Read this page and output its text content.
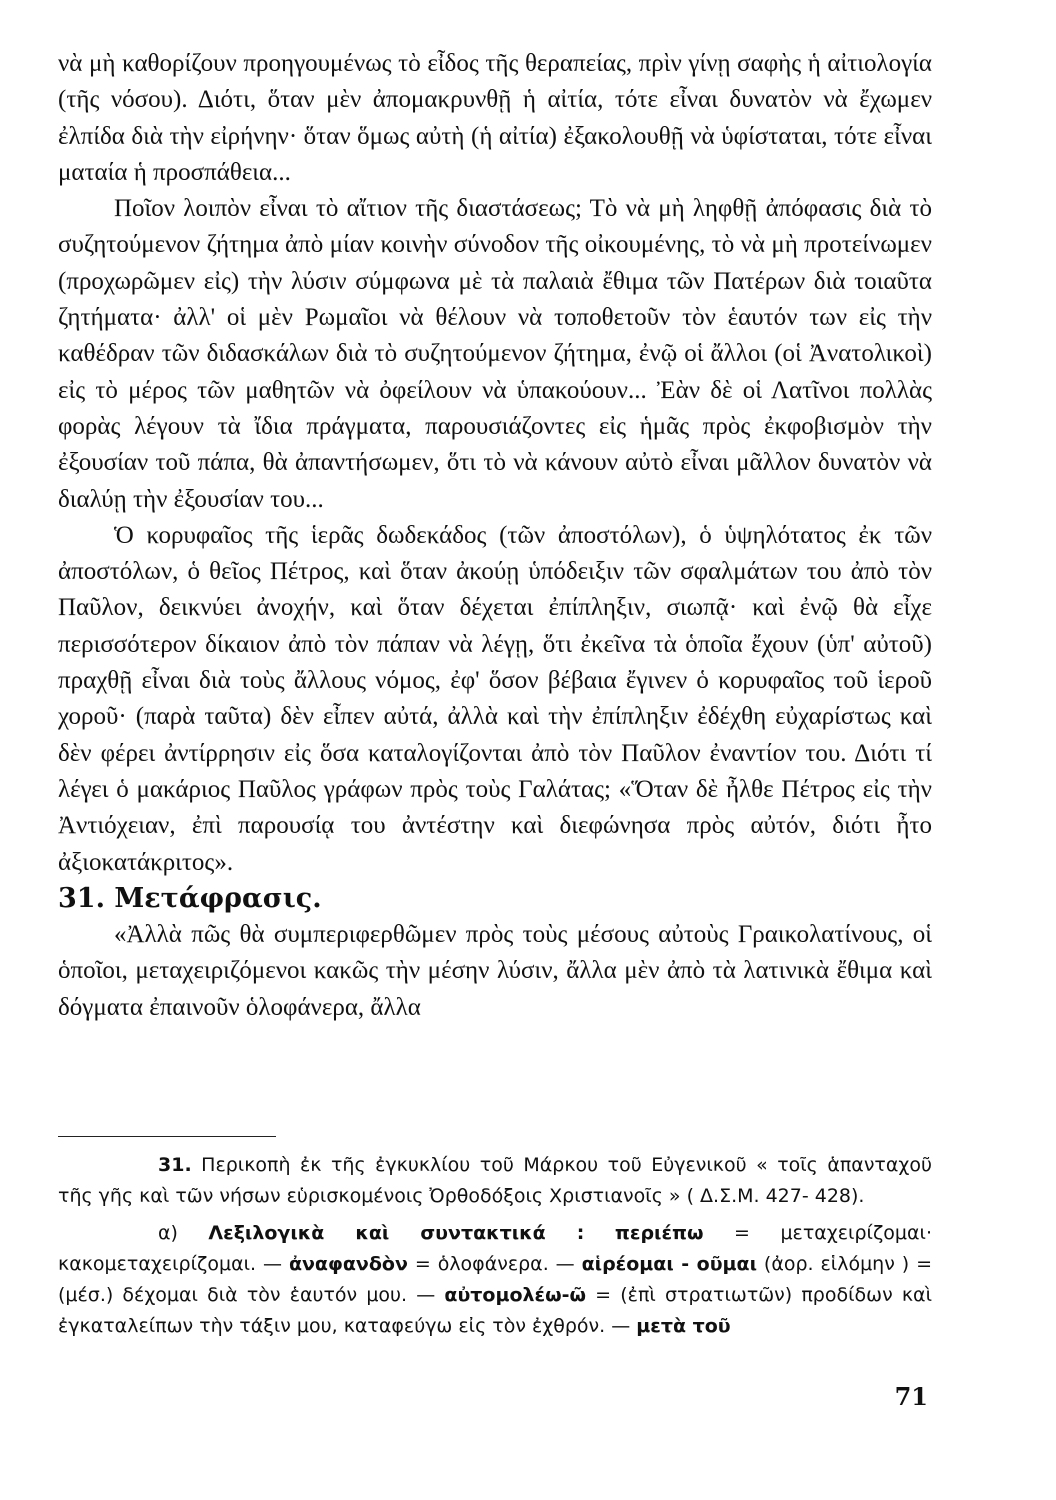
νὰ μὴ καθορίζουν προηγουμένως τὸ εἶδος τῆς θεραπείας, πρὶν γίνῃ σαφὴς ἡ αἰτιολογία (τῆς νόσου). Διότι, ὅταν μὲν ἀπομακρυνθῇ ἡ αἰτία, τότε εἶναι δυνατὸν νὰ ἔχωμεν ἐλπίδα διὰ τὴν εἰρήνην· ὅταν ὅμως αὐτὴ (ἡ αἰτία) ἐξακολουθῇ νὰ ὑφίσταται, τότε εἶναι ματαία ἡ προσπάθεια...

Ποῖον λοιπὸν εἶναι τὸ αἴτιον τῆς διαστάσεως; Τὸ νὰ μὴ ληφθῇ ἀπόφασις διὰ τὸ συζητούμενον ζήτημα ἀπὸ μίαν κοινὴν σύνοδον τῆς οἰκουμένης, τὸ νὰ μὴ προτείνωμεν (προχωρῶμεν εἰς) τὴν λύσιν σύμφωνα μὲ τὰ παλαιὰ ἔθιμα τῶν Πατέρων διὰ τοιαῦτα ζητήματα· ἀλλ' οἱ μὲν Ρωμαῖοι νὰ θέλουν νὰ τοποθετοῦν τὸν ἑαυτόν των εἰς τὴν καθέδραν τῶν διδασκάλων διὰ τὸ συζητούμενον ζήτημα, ἐνῷ οἱ ἄλλοι (οἱ Ἀνατολικοὶ) εἰς τὸ μέρος τῶν μαθητῶν νὰ ὀφείλουν νὰ ὑπακούουν... Ἐὰν δὲ οἱ Λατῖνοι πολλὰς φορὰς λέγουν τὰ ἴδια πράγματα, παρουσιάζοντες εἰς ἡμᾶς πρὸς ἐκφοβισμὸν τὴν ἐξουσίαν τοῦ πάπα, θὰ ἀπαντήσωμεν, ὅτι τὸ νὰ κάνουν αὐτὸ εἶναι μᾶλλον δυνατὸν νὰ διαλύῃ τὴν ἐξουσίαν του...

Ὁ κορυφαῖος τῆς ἱερᾶς δωδεκάδος (τῶν ἀποστόλων), ὁ ὑψηλότατος ἐκ τῶν ἀποστόλων, ὁ θεῖος Πέτρος, καὶ ὅταν ἀκούῃ ὑπόδειξιν τῶν σφαλμάτων του ἀπὸ τὸν Παῦλον, δεικνύει ἀνοχήν, καὶ ὅταν δέχεται ἐπίπληξιν, σιωπᾷ· καὶ ἐνῷ θὰ εἶχε περισσότερον δίκαιον ἀπὸ τὸν πάπαν νὰ λέγῃ, ὅτι ἐκεῖνα τὰ ὁποῖα ἔχουν (ὑπ' αὐτοῦ) πραχθῇ εἶναι διὰ τοὺς ἄλλους νόμος, ἐφ' ὅσον βέβαια ἔγινεν ὁ κορυφαῖος τοῦ ἱεροῦ χοροῦ· (παρὰ ταῦτα) δὲν εἶπεν αὐτά, ἀλλὰ καὶ τὴν ἐπίπληξιν ἐδέχθη εὐχαρίστως καὶ δὲν φέρει ἀντίρρησιν εἰς ὅσα καταλογίζονται ἀπὸ τὸν Παῦλον ἐναντίον του. Διότι τί λέγει ὁ μακάριος Παῦλος γράφων πρὸς τοὺς Γαλάτας; «Ὅταν δὲ ἦλθε Πέτρος εἰς τὴν Ἀντιόχειαν, ἐπὶ παρουσίᾳ του ἀντέστην καὶ διεφώνησα πρὸς αὐτόν, διότι ἦτο ἀξιοκατάκριτος».

31. Μετάφρασις.

«Ἀλλὰ πῶς θὰ συμπεριφερθῶμεν πρὸς τοὺς μέσους αὐτοὺς Γραικολατίνους, οἱ ὁποῖοι, μεταχειριζόμενοι κακῶς τὴν μέσην λύσιν, ἄλλα μὲν ἀπὸ τὰ λατινικὰ ἔθιμα καὶ δόγματα ἐπαινοῦν ὁλοφάνερα, ἄλλα

31. Περικοπὴ ἐκ τῆς ἐγκυκλίου τοῦ Μάρκου τοῦ Εὐγενικοῦ « τοῖς ἁπανταχοῦ τῆς γῆς καὶ τῶν νήσων εὑρισκομένοις Ὀρθοδόξοις Χριστιανοῖς » ( Δ.Σ.Μ. 427- 428).

α) Λεξιλογικὰ καὶ συντακτικά : περιέπω = μεταχειρίζομαι· κακομεταχειρίζομαι. — ἀναφανδὸν = ὁλοφάνερα. — αἱρέομαι - οῦμαι (ἀορ. εἱλόμην ) = (μέσ.) δέχομαι διὰ τὸν ἑαυτόν μου. — αὐτομολέω-ῶ = (ἐπὶ στρατιωτῶν) προδίδων καὶ ἐγκαταλείπων τὴν τάξιν μου, καταφεύγω εἰς τὸν ἐχθρόν. — μετὰ τοῦ

71
